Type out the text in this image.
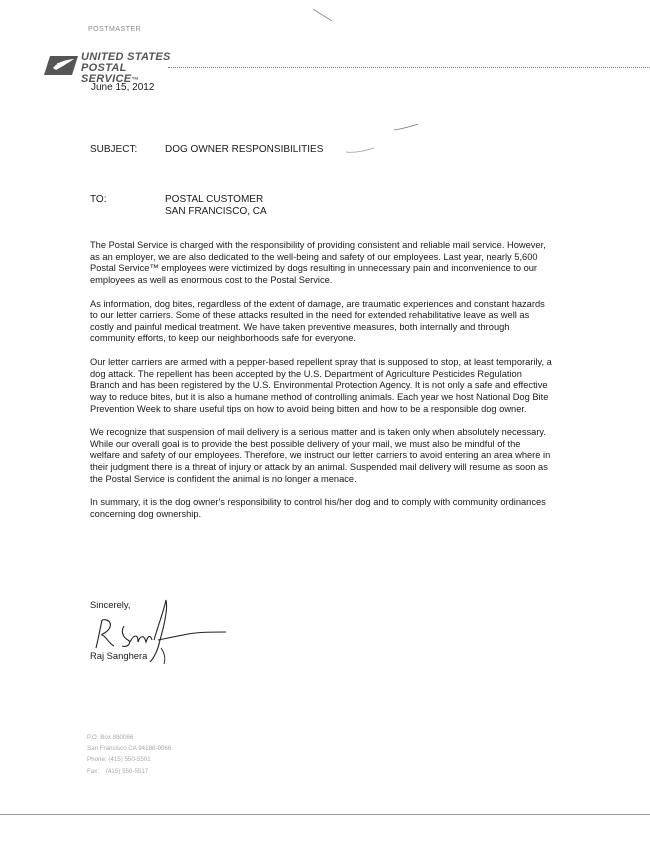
POSTMASTER
UNITED STATES
POSTAL SERVICE™
June 15, 2012
SUBJECT:	DOG OWNER RESPONSIBILITIES
TO:	POSTAL CUSTOMER
SAN FRANCISCO, CA

The Postal Service is charged with the responsibility of providing consistent and reliable mail service. However, as an employer, we are also dedicated to the well-being and safety of our employees. Last year, nearly 5,600 Postal Service™ employees were victimized by dogs resulting in unnecessary pain and inconvenience to our employees as well as enormous cost to the Postal Service.

As information, dog bites, regardless of the extent of damage, are traumatic experiences and constant hazards to our letter carriers. Some of these attacks resulted in the need for extended rehabilitative leave as well as costly and painful medical treatment. We have taken preventive measures, both internally and through community efforts, to keep our neighborhoods safe for everyone.

Our letter carriers are armed with a pepper-based repellent spray that is supposed to stop, at least temporarily, a dog attack. The repellent has been accepted by the U.S. Department of Agriculture Pesticides Regulation Branch and has been registered by the U.S. Environmental Protection Agency. It is not only a safe and effective way to reduce bites, but it is also a humane method of controlling animals. Each year we host National Dog Bite Prevention Week to share useful tips on how to avoid being bitten and how to be a responsible dog owner.

We recognize that suspension of mail delivery is a serious matter and is taken only when absolutely necessary. While our overall goal is to provide the best possible delivery of your mail, we must also be mindful of the welfare and safety of our employees. Therefore, we instruct our letter carriers to avoid entering an area where in their judgment there is a threat of injury or attack by an animal. Suspended mail delivery will resume as soon as the Postal Service is confident the animal is no longer a menace.

In summary, it is the dog owner's responsibility to control his/her dog and to comply with community ordinances concerning dog ownership.

Sincerely,
Raj Sanghera
P.O. Box 880066
San Francisco CA 94188-0066
Phone: (415) 550-5501
Fax:    (415) 550-5517
